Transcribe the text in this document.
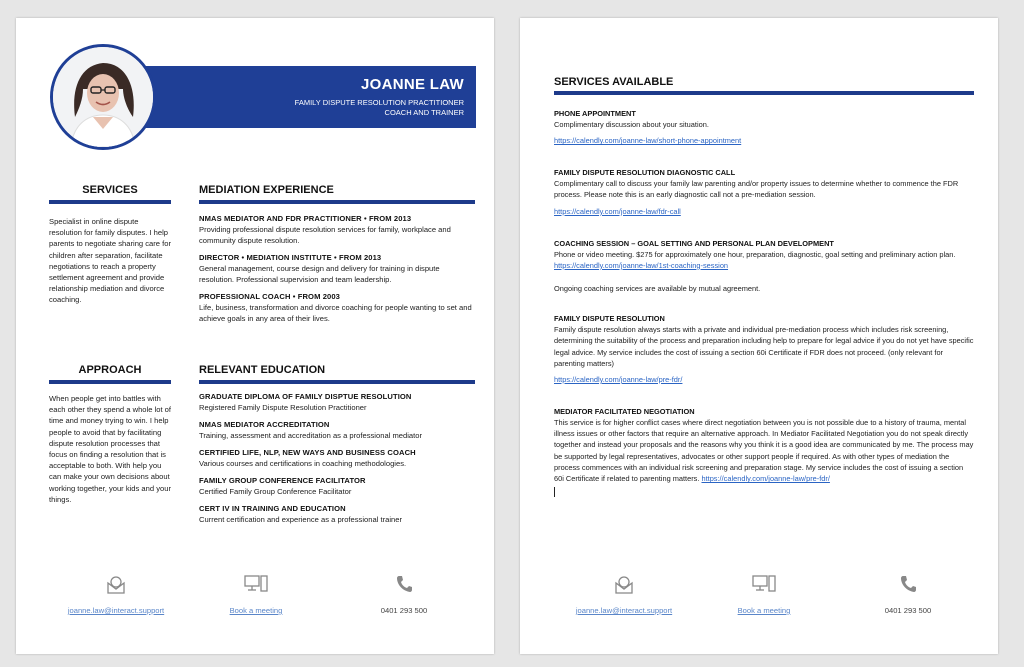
JOANNE LAW
FAMILY DISPUTE RESOLUTION PRACTITIONER
COACH AND TRAINER
SERVICES
Specialist in online dispute resolution for family disputes. I help parents to negotiate sharing care for children after separation, facilitate negotiations to reach a property settlement agreement and provide relationship mediation and divorce coaching.
APPROACH
When people get into battles with each other they spend a whole lot of time and money trying to win. I help people to avoid that by facilitating dispute resolution processes that focus on finding a resolution that is acceptable to both. With help you can make your own decisions about working together, your kids and your things.
MEDIATION EXPERIENCE
NMAS MEDIATOR AND FDR PRACTITIONER • FROM 2013
Providing professional dispute resolution services for family, workplace and community dispute resolution.
DIRECTOR • MEDIATION INSTITUTE • FROM 2013
General management, course design and delivery for training in dispute resolution. Professional supervision and team leadership.
PROFESSIONAL COACH • FROM 2003
Life, business, transformation and divorce coaching for people wanting to set and achieve goals in any area of their lives.
RELEVANT EDUCATION
GRADUATE DIPLOMA OF FAMILY DISPTUE RESOLUTION
Registered Family Dispute Resolution Practitioner
NMAS MEDIATOR ACCREDITATION
Training, assessment and accreditation as a professional mediator
CERTIFIED LIFE, NLP, NEW WAYS AND BUSINESS COACH
Various courses and certifications in coaching methodologies.
FAMILY GROUP CONFERENCE FACILITATOR
Certified Family Group Conference Facilitator
CERT IV IN TRAINING AND EDUCATION
Current certification and experience as a professional trainer
joanne.law@interact.support	Book a meeting	0401 293 500
SERVICES AVAILABLE
PHONE APPOINTMENT
Complimentary discussion about your situation.
https://calendly.com/joanne-law/short-phone-appointment
FAMILY DISPUTE RESOLUTION DIAGNOSTIC CALL
Complimentary call to discuss your family law parenting and/or property issues to determine whether to commence the FDR process. Please note this is an early diagnostic call not a pre-mediation session.
https://calendly.com/joanne-law/fdr-call
COACHING SESSION – GOAL SETTING AND PERSONAL PLAN DEVELOPMENT
Phone or video meeting. $275 for approximately one hour, preparation, diagnostic, goal setting and preliminary action plan. https://calendly.com/joanne-law/1st-coaching-session
Ongoing coaching services are available by mutual agreement.
FAMILY DISPUTE RESOLUTION
Family dispute resolution always starts with a private and individual pre-mediation process which includes risk screening, determining the suitability of the process and preparation including help to prepare for legal advice if you do not yet have specific legal advice. My service includes the cost of issuing a section 60i Certificate if FDR does not proceed. (only relevant for parenting matters)
https://calendly.com/joanne-law/pre-fdr/
MEDIATOR FACILITATED NEGOTIATION
This service is for higher conflict cases where direct negotiation between you is not possible due to a history of trauma, mental illness issues or other factors that require an alternative approach. In Mediator Facilitated Negotiation you do not speak directly together and instead your proposals and the reasons why you think it is a good idea are communicated by me. The process may be supported by legal representatives, advocates or other support people if required. As with other types of mediation the process commences with an individual risk screening and preparation stage. My service includes the cost of issuing a section 60i Certificate if related to parenting matters. https://calendly.com/joanne-law/pre-fdr/
joanne.law@interact.support	Book a meeting	0401 293 500
